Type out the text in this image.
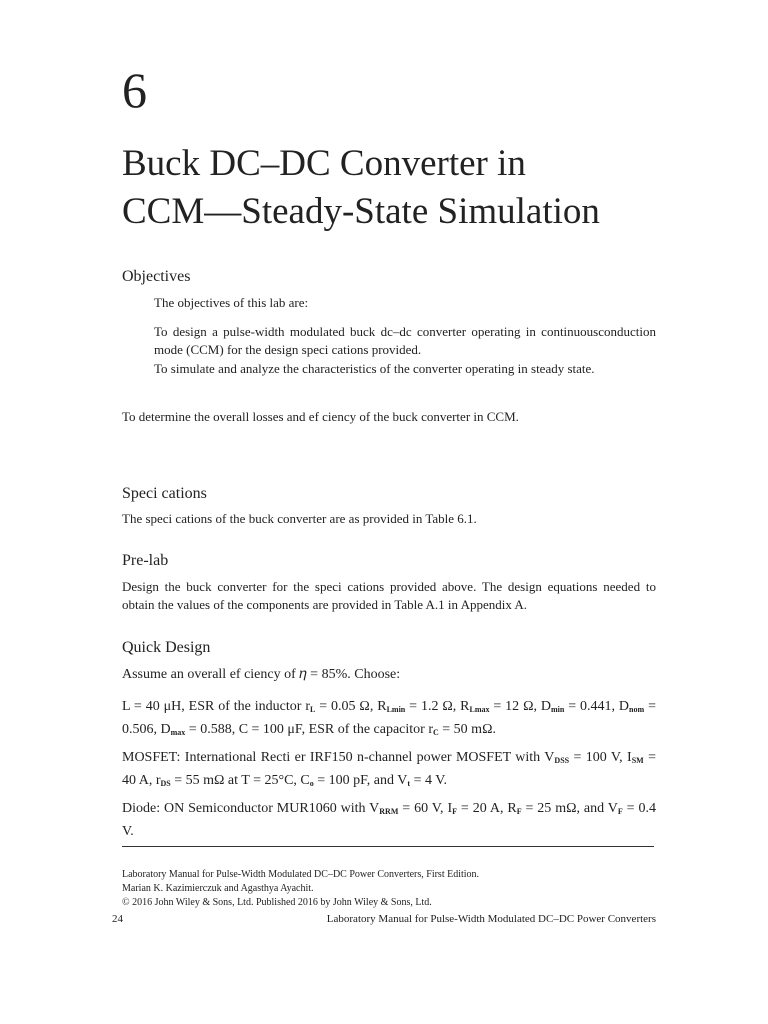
6
Buck DC–DC Converter in
CCM—Steady-State Simulation
Objectives

The objectives of this lab are:

To design a pulse-width modulated buck dc–dc converter operating in continuousconduction mode (CCM) for the design speci cations provided.

To simulate and analyze the characteristics of the converter operating in steady state.

To determine the overall losses and ef ciency of the buck converter in CCM.

Speci cations

The speci cations of the buck converter are as provided in Table 6.1.

Pre-lab

Design the buck converter for the speci cations provided above. The design equations needed to obtain the values of the components are provided in Table A.1 in Appendix A.

Quick Design

Assume an overall ef ciency of 𝜂 = 85%. Choose:

L = 40 μH, ESR of the inductor $r_L = 0.05$ Ω, $R_{Lmin} = 1.2$ Ω, $R_{Lmax} = 12$ Ω, $D_{min} = 0.441$, $D_{nom} = 0.506$, $D_{max} = 0.588$, C = 100 μF, ESR of the capacitor $r_C = 50$ mΩ.

MOSFET: International Recti er IRF150 n-channel power MOSFET with $V_{DSS} = 100$ V, $I_{SM} = 40$ A, $r_{DS} = 55$ mΩ at T = 25°C, $C_o = 100$ pF, and $V_t = 4$ V.

Diode: ON Semiconductor MUR1060 with $V_{RRM} = 60$ V, $I_F = 20$ A, $R_F = 25$ mΩ, and $V_F = 0.4$ V.

Laboratory Manual for Pulse-Width Modulated DC–DC Power Converters, First Edition.
Marian K. Kazimierczuk and Agasthya Ayachit.
© 2016 John Wiley & Sons, Ltd. Published 2016 by John Wiley & Sons, Ltd.
24	Laboratory Manual for Pulse-Width Modulated DC–DC Power Converters
